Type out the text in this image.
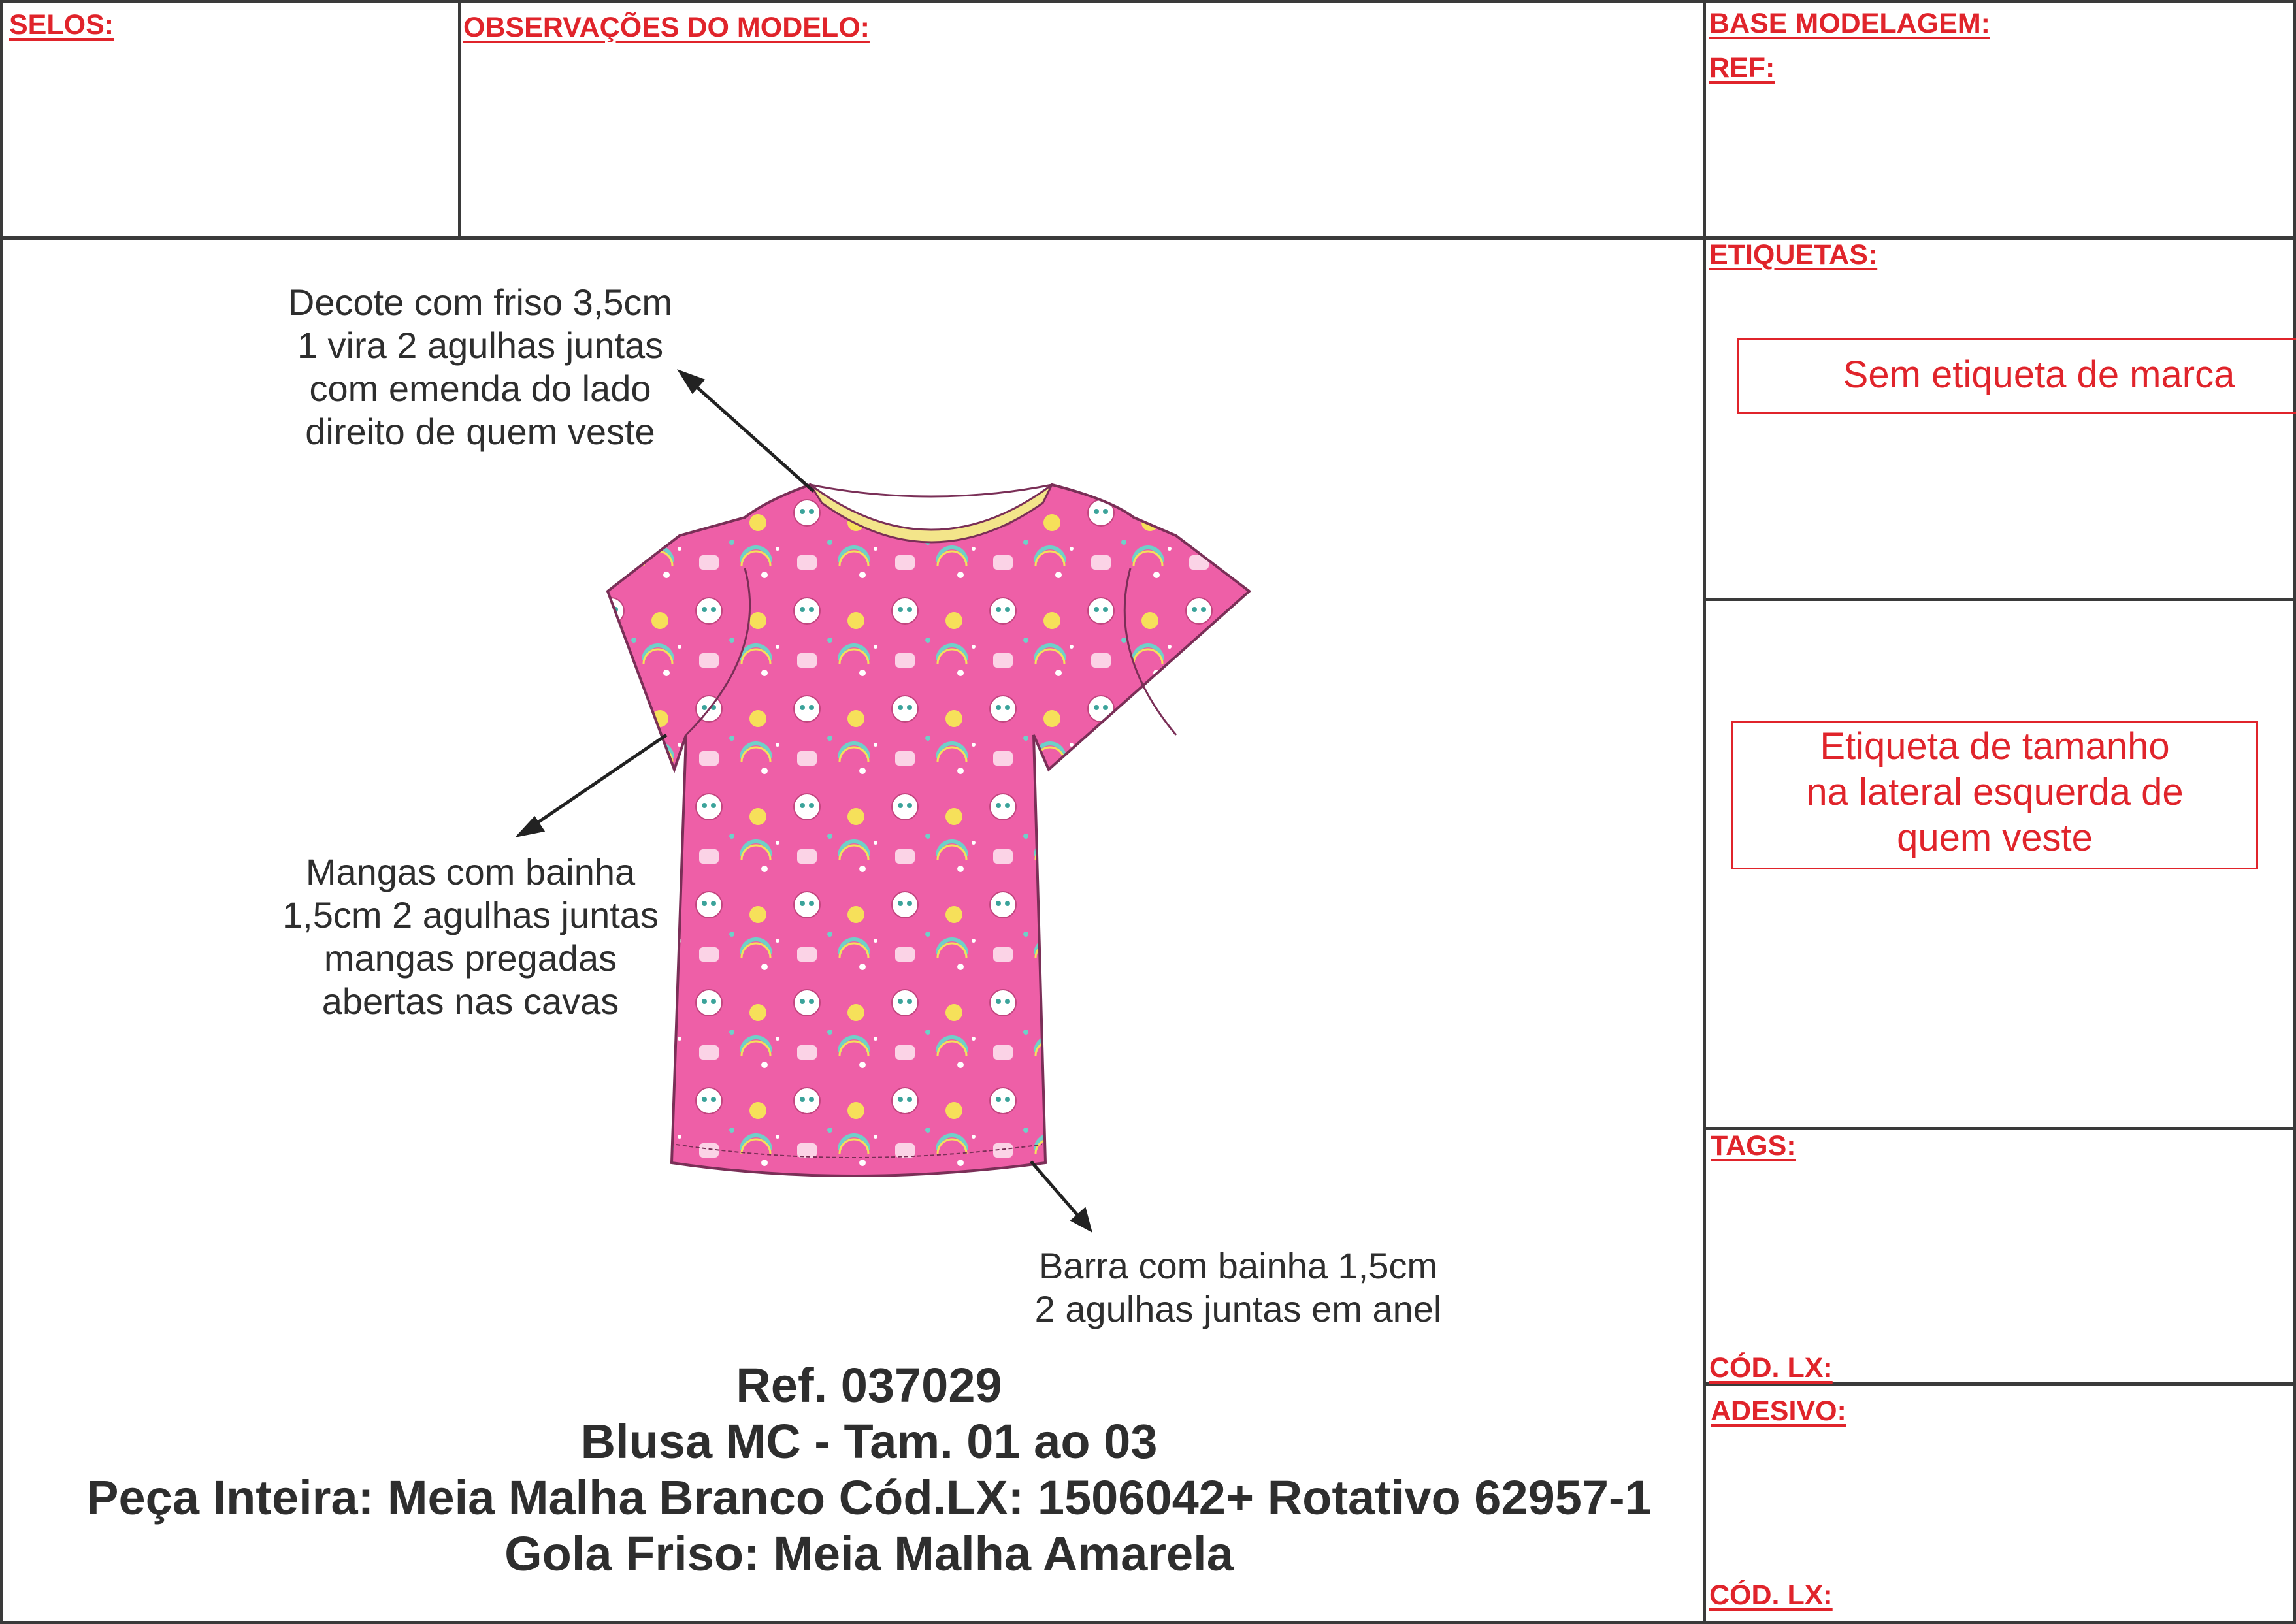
SELOS:	OBSERVAÇÕES DO MODELO:	BASE MODELAGEM:
REF:
ETIQUETAS:
TAGS:
CÓD. LX:
ADESIVO:
CÓD. LX:
Sem etiqueta de marca
Etiqueta de tamanho
na lateral esquerda de
quem veste
Decote com friso 3,5cm
1 vira 2 agulhas juntas
com emenda do lado
direito de quem veste
Mangas com bainha
1,5cm 2 agulhas juntas
mangas pregadas
abertas nas cavas
Barra com bainha 1,5cm
2 agulhas juntas em anel
Ref. 037029
Blusa MC - Tam. 01 ao 03
Peça Inteira: Meia Malha Branco Cód.LX: 1506042+ Rotativo 62957-1
Gola Friso: Meia Malha Amarela
